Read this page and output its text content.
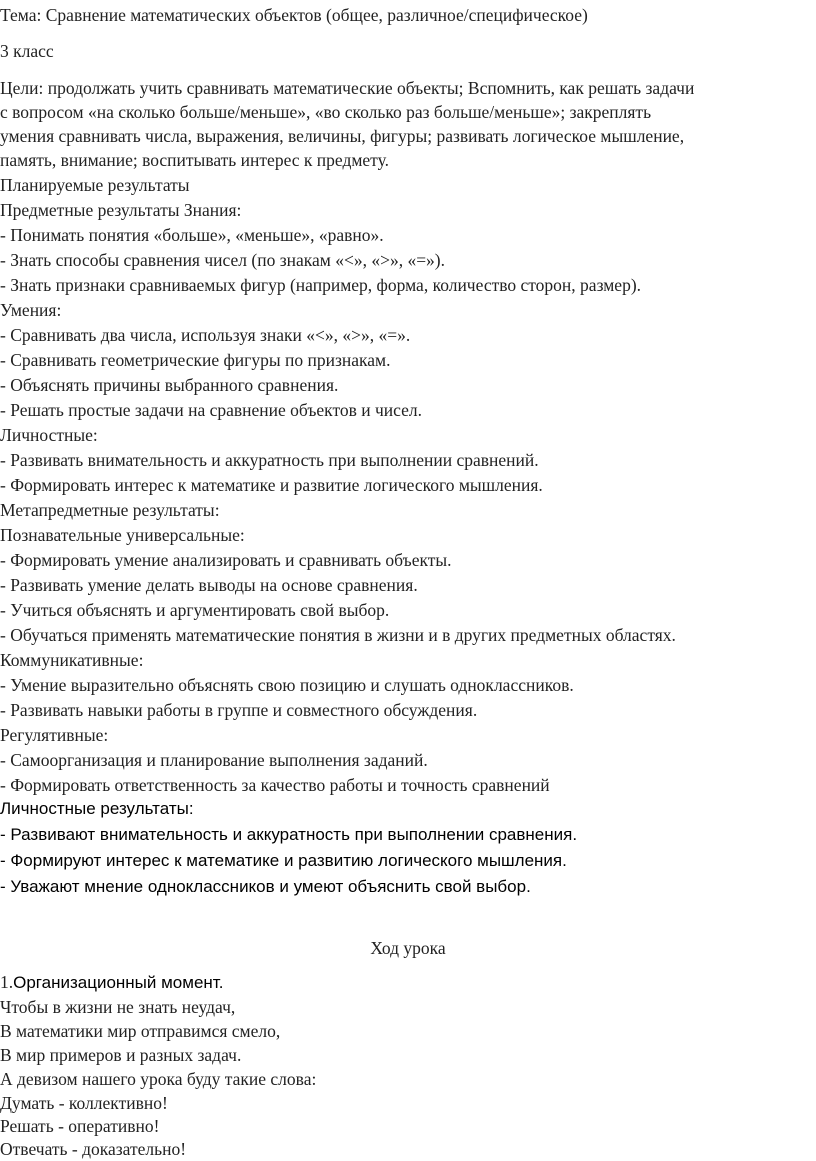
Тема: Сравнение математических объектов (общее, различное/специфическое)

3 класс

Цели: продолжать учить сравнивать математические объекты; Вспомнить, как решать задачи

с вопросом «на сколько больше/меньше», «во сколько раз больше/меньше»; закреплять

умения сравнивать числа, выражения, величины, фигуры; развивать логическое мышление,

память, внимание; воспитывать интерес к предмету.

Планируемые результаты

Предметные результаты Знания:

- Понимать понятия «больше», «меньше», «равно».

- Знать способы сравнения чисел (по знакам «<», «>», «=»).

- Знать признаки сравниваемых фигур (например, форма, количество сторон, размер).

Умения:

- Сравнивать два числа, используя знаки «<», «>», «=».

- Сравнивать геометрические фигуры по признакам.

- Объяснять причины выбранного сравнения.

- Решать простые задачи на сравнение объектов и чисел.

Личностные:

- Развивать внимательность и аккуратность при выполнении сравнений.

- Формировать интерес к математике и развитие логического мышления.

Метапредметные результаты:

Познавательные универсальные:

- Формировать умение анализировать и сравнивать объекты.

- Развивать умение делать выводы на основе сравнения.

- Учиться объяснять и аргументировать свой выбор.

- Обучаться применять математические понятия в жизни и в других предметных областях.

Коммуникативные:

- Умение выразительно объяснять свою позицию и слушать одноклассников.

- Развивать навыки работы в группе и совместного обсуждения.

Регулятивные:

- Самоорганизация и планирование выполнения заданий.

- Формировать ответственность за качество работы и точность сравнений

Личностные результаты:

- Развивают внимательность и аккуратность при выполнении сравнения.

- Формируют интерес к математике и развитию логического мышления.

- Уважают мнение одноклассников и умеют объяснить свой выбор.

Ход урока

1.Организационный момент.

Чтобы в жизни не знать неудач,

В математики мир отправимся смело,

В мир примеров и разных задач.

А девизом нашего урока буду такие слова:

Думать - коллективно!

Решать - оперативно!

Отвечать - доказательно!
